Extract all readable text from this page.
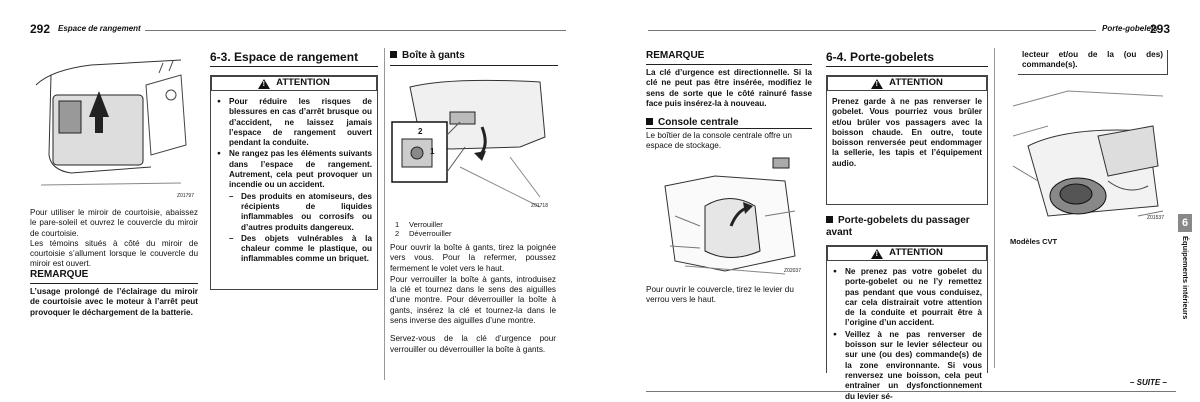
292 Espace de rangement
Z01797

Pour utiliser le miroir de courtoisie, abaissez le pare-soleil et ouvrez le couvercle du miroir de courtoisie.

Les témoins situés à côté du miroir de courtoisie s’allument lorsque le couvercle du miroir est ouvert.

REMARQUE
L’usage prolongé de l’éclairage du miroir de courtoisie avec le moteur à l’arrêt peut provoquer le déchargement de la batterie.
6-3. Espace de rangement
! ATTENTION
● Pour réduire les risques de blessures en cas d’arrêt brusque ou d’accident, ne laissez jamais l’espace de rangement ouvert pendant la conduite.
● Ne rangez pas les éléments suivants dans l’espace de rangement. Autrement, cela peut provoquer un incendie ou un accident.
– Des produits en atomiseurs, des récipients de liquides inflammables ou corrosifs ou d’autres produits dangereux.
– Des objets vulnérables à la chaleur comme le plastique, ou inflammables comme un briquet.
Boîte à gants
2
1
Z01718
1 Verrouiller
2 Déverrouiller

Pour ouvrir la boîte à gants, tirez la poignée vers vous. Pour la refermer, poussez fermement le volet vers le haut.

Pour verrouiller la boîte à gants, introduisez la clé et tournez dans le sens des aiguilles d’une montre. Pour déverrouiller la boîte à gants, insérez la clé et tournez-la dans le sens inverse des aiguilles d’une montre.

Servez-vous de la clé d’urgence pour verrouiller ou déverrouiller la boîte à gants.

Porte-gobelets
293
REMARQUE
La clé d’urgence est directionnelle. Si la clé ne peut pas être insérée, modifiez le sens de sorte que le côté rainuré fasse face puis insérez-la à nouveau.
Console centrale
Le boîtier de la console centrale offre un espace de stockage.
Z02037
Pour ouvrir le couvercle, tirez le levier du verrou vers le haut.
6-4. Porte-gobelets
! ATTENTION
Prenez garde à ne pas renverser le gobelet. Vous pourriez vous brûler et/ou brûler vos passagers avec la boisson chaude. En outre, toute boisson renversée peut endommager la sellerie, les tapis et l’équipement audio.
Porte-gobelets du passager avant
! ATTENTION
● Ne prenez pas votre gobelet du porte-gobelet ou ne l’y remettez pas pendant que vous conduisez, car cela distrairait votre attention de la conduite et pourrait être à l’origine d’un accident.
● Veillez à ne pas renverser de boisson sur le levier sélecteur ou sur une (ou des) commande(s) de la zone environnante. Si vous renversez une boisson, cela peut entraîner un dysfonctionnement du levier sé-
lecteur et/ou de la (ou des) commande(s).
Z01537
Modèles CVT
6
Équipements intérieurs
– SUITE –
